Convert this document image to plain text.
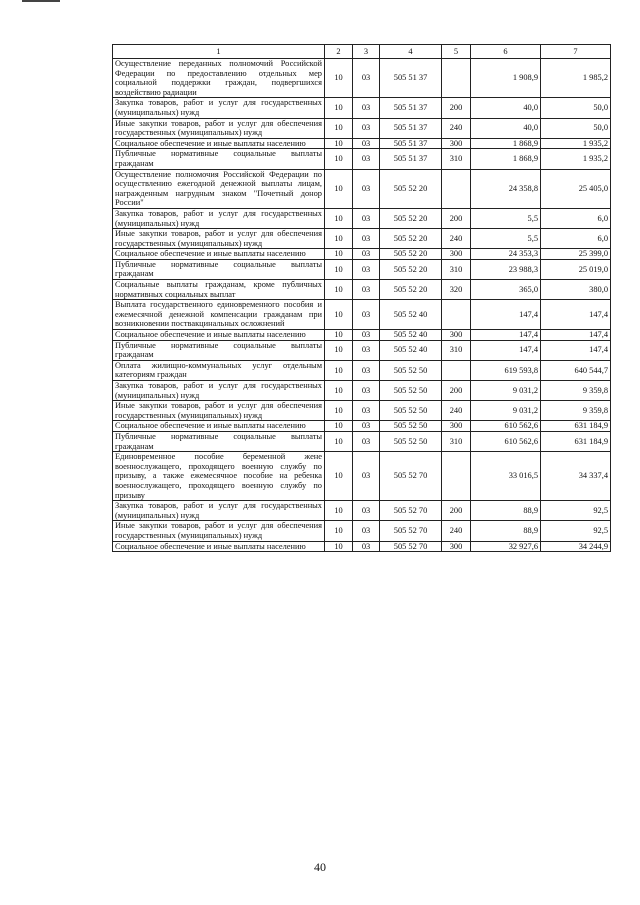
1	2	3	4	5	6	7
Осуществление переданных полномочий Российской Федерации по предоставлению отдельных мер социальной поддержки граждан, подвергшихся воздействию радиации	10	03	505 51 37		1 908,9	1 985,2
Закупка товаров, работ и услуг для государственных (муниципальных) нужд	10	03	505 51 37	200	40,0	50,0
Иные закупки товаров, работ и услуг для обеспечения государственных (муниципальных) нужд	10	03	505 51 37	240	40,0	50,0
Социальное обеспечение и иные выплаты населению	10	03	505 51 37	300	1 868,9	1 935,2
Публичные нормативные социальные выплаты гражданам	10	03	505 51 37	310	1 868,9	1 935,2
Осуществление полномочия Российской Федерации по осуществлению ежегодной денежной выплаты лицам, награжденным нагрудным знаком "Почетный донор России"	10	03	505 52 20		24 358,8	25 405,0
Закупка товаров, работ и услуг для государственных (муниципальных) нужд	10	03	505 52 20	200	5,5	6,0
Иные закупки товаров, работ и услуг для обеспечения государственных (муниципальных) нужд	10	03	505 52 20	240	5,5	6,0
Социальное обеспечение и иные выплаты населению	10	03	505 52 20	300	24 353,3	25 399,0
Публичные нормативные социальные выплаты гражданам	10	03	505 52 20	310	23 988,3	25 019,0
Социальные выплаты гражданам, кроме публичных нормативных социальных выплат	10	03	505 52 20	320	365,0	380,0
Выплата государственного единовременного пособия и ежемесячной денежной компенсации гражданам при возникновении поствакцинальных осложнений	10	03	505 52 40		147,4	147,4
Социальное обеспечение и иные выплаты населению	10	03	505 52 40	300	147,4	147,4
Публичные нормативные социальные выплаты гражданам	10	03	505 52 40	310	147,4	147,4
Оплата жилищно-коммунальных услуг отдельным категориям граждан	10	03	505 52 50		619 593,8	640 544,7
Закупка товаров, работ и услуг для государственных (муниципальных) нужд	10	03	505 52 50	200	9 031,2	9 359,8
Иные закупки товаров, работ и услуг для обеспечения государственных (муниципальных) нужд	10	03	505 52 50	240	9 031,2	9 359,8
Социальное обеспечение и иные выплаты населению	10	03	505 52 50	300	610 562,6	631 184,9
Публичные нормативные социальные выплаты гражданам	10	03	505 52 50	310	610 562,6	631 184,9
Единовременное пособие беременной жене военнослужащего, проходящего военную службу по призыву, а также ежемесячное пособие на ребенка военнослужащего, проходящего военную службу по призыву	10	03	505 52 70		33 016,5	34 337,4
Закупка товаров, работ и услуг для государственных (муниципальных) нужд	10	03	505 52 70	200	88,9	92,5
Иные закупки товаров, работ и услуг для обеспечения государственных (муниципальных) нужд	10	03	505 52 70	240	88,9	92,5
Социальное обеспечение и иные выплаты населению	10	03	505 52 70	300	32 927,6	34 244,9
40
